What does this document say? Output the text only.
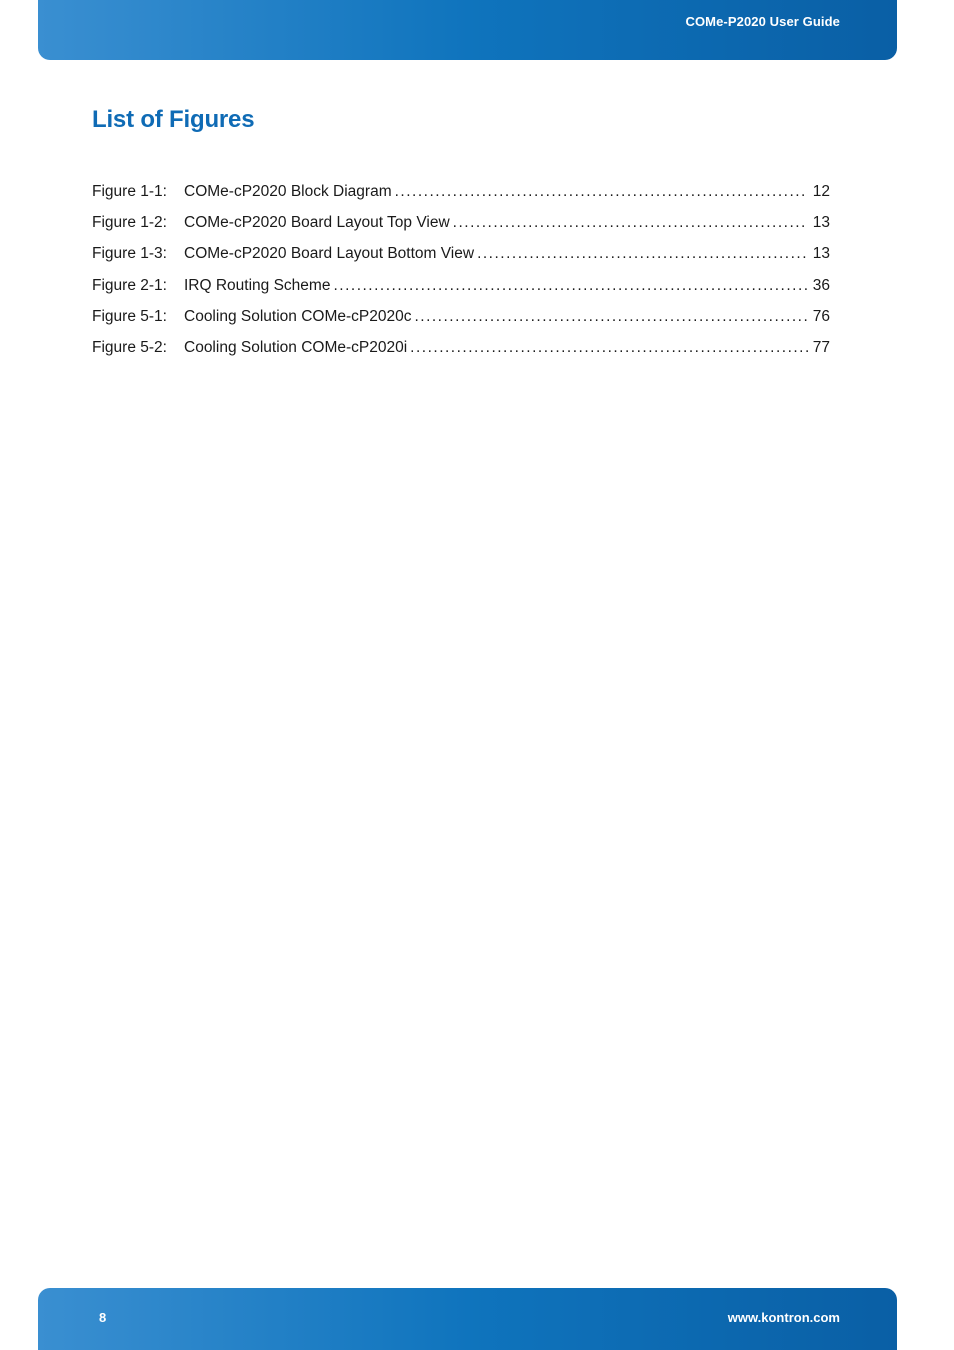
COMe-P2020 User Guide
List of Figures
Figure 1-1:	COMe-cP2020 Block Diagram .....	12
Figure 1-2:	COMe-cP2020 Board Layout Top View .....	13
Figure 1-3:	COMe-cP2020 Board Layout Bottom View .....	13
Figure 2-1:	IRQ Routing Scheme .....	36
Figure 5-1:	Cooling Solution COMe-cP2020c .....	76
Figure 5-2:	Cooling Solution COMe-cP2020i .....	77
8	www.kontron.com
